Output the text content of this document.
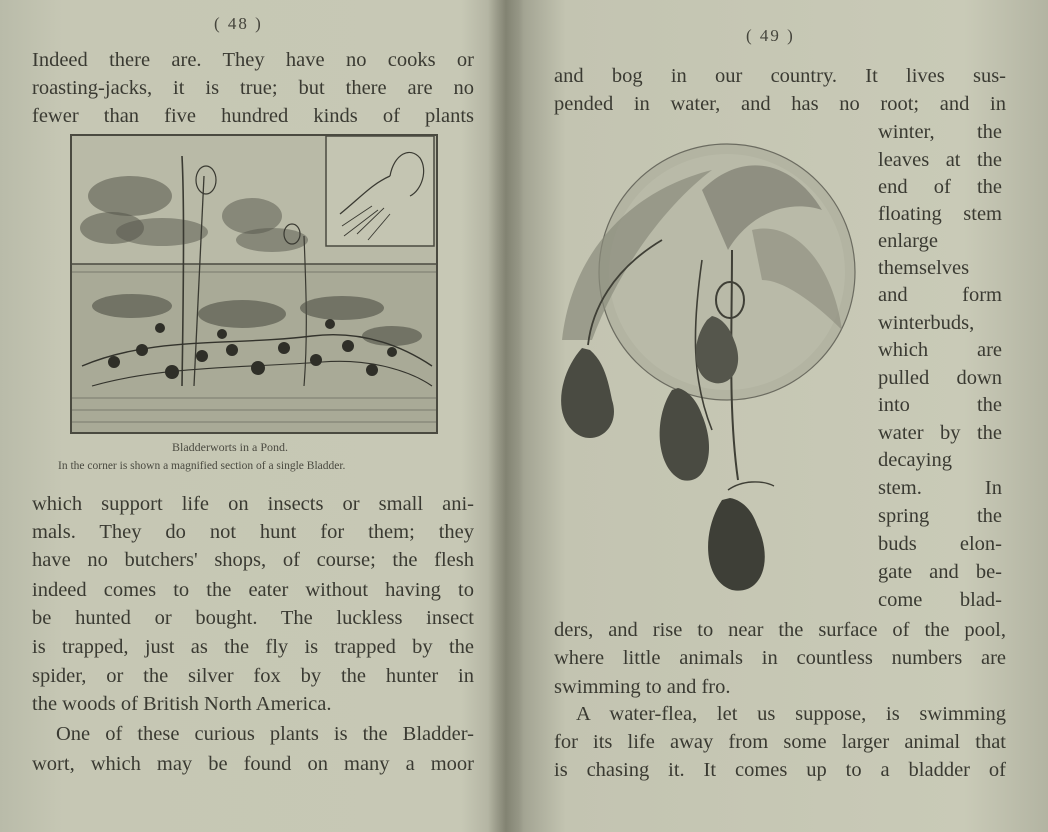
( 48 )
Indeed there are. They have no cooks or
roasting-jacks, it is true; but there are no
fewer than five hundred kinds of plants
Bladderworts in a Pond.
In the corner is shown a magnified section of a single Bladder.
which support life on insects or small ani-
mals. They do not hunt for them; they
have no butchers' shops, of course; the flesh
indeed comes to the eater without having to
be hunted or bought. The luckless insect
is trapped, just as the fly is trapped by the
spider, or the silver fox by the hunter in
the woods of British North America.
One of these curious plants is the Bladder-
wort, which may be found on many a moor
( 49 )
and bog in our country. It lives sus-
pended in water, and has no root; and in
winter, the
leaves at the
end of the
floating stem
enlarge
themselves
and form
winterbuds,
which are
pulled down
into the
water by the
decaying
stem. In
spring the
buds elon-
gate and be-
come blad-
ders, and rise to near the surface of the pool,
where little animals in countless numbers are
swimming to and fro.
A water-flea, let us suppose, is swimming
for its life away from some larger animal that
is chasing it. It comes up to a bladder of
